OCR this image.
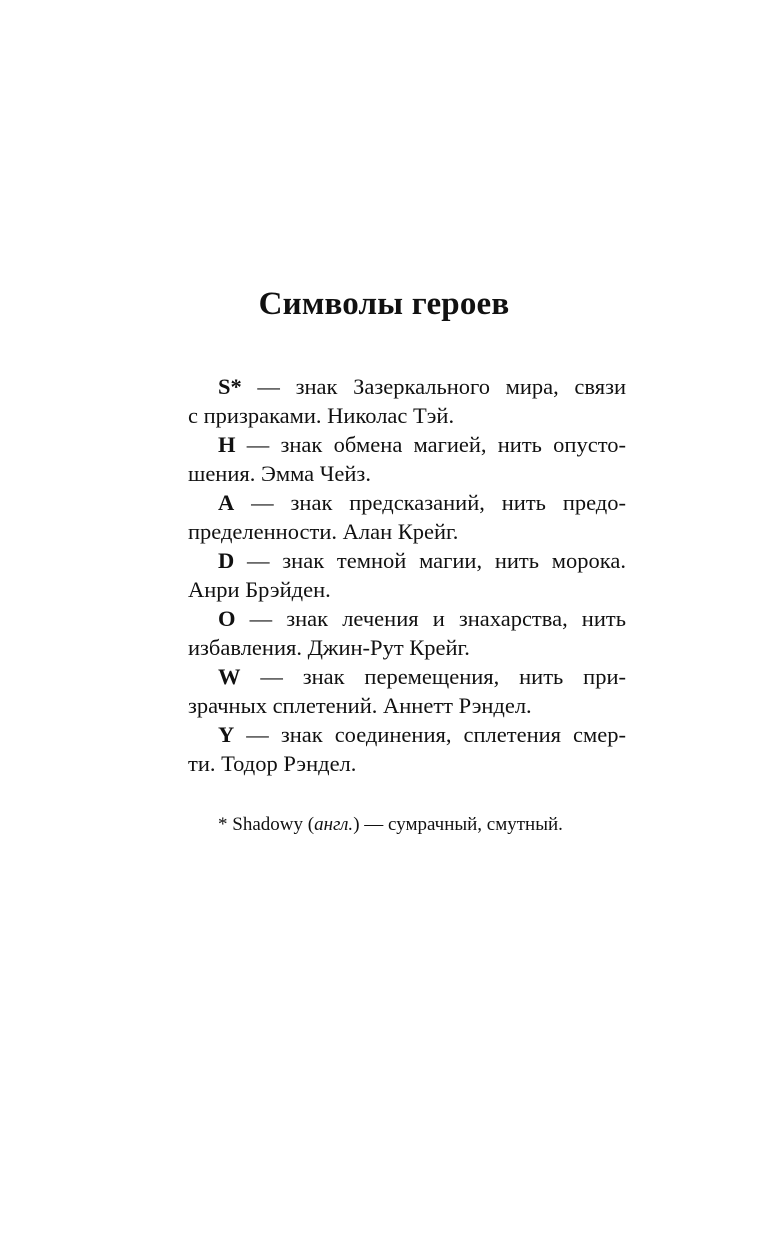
Символы героев
S* — знак Зазеркального мира, связи
с призраками. Николас Тэй.
H — знак обмена магией, нить опусто-
шения. Эмма Чейз.
A — знак предсказаний, нить предо-
пределенности. Алан Крейг.
D — знак темной магии, нить морока.
Анри Брэйден.
O — знак лечения и знахарства, нить
избавления. Джин-Рут Крейг.
W — знак перемещения, нить при-
зрачных сплетений. Аннетт Рэндел.
Y — знак соединения, сплетения смер-
ти. Тодор Рэндел.
* Shadowy (англ.) — сумрачный, смутный.
